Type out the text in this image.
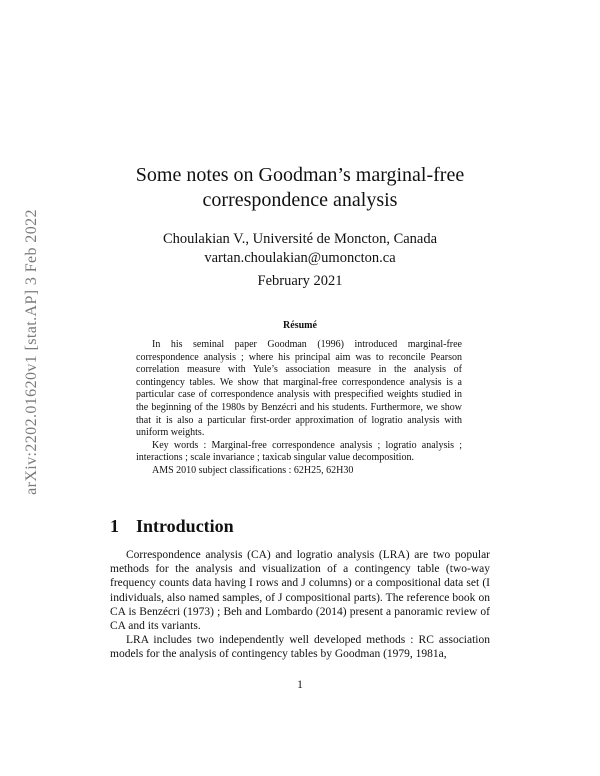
arXiv:2202.01620v1 [stat.AP] 3 Feb 2022
Some notes on Goodman’s marginal-free
correspondence analysis
Choulakian V., Université de Moncton, Canada
vartan.choulakian@umoncton.ca
February 2021
Résumé

In his seminal paper Goodman (1996) introduced marginal-free correspondence analysis ; where his principal aim was to reconcile Pearson correlation measure with Yule’s association measure in the analysis of contingency tables. We show that marginal-free correspondence analysis is a particular case of correspondence analysis with prespecified weights studied in the beginning of the 1980s by Benzécri and his students. Furthermore, we show that it is also a particular first-order approximation of logratio analysis with uniform weights.

Key words : Marginal-free correspondence analysis ; logratio analysis ; interactions ; scale invariance ; taxicab singular value decomposition.

AMS 2010 subject classifications : 62H25, 62H30

1 Introduction

Correspondence analysis (CA) and logratio analysis (LRA) are two popular methods for the analysis and visualization of a contingency table (two-way frequency counts data having I rows and J columns) or a compositional data set (I individuals, also named samples, of J compositional parts). The reference book on CA is Benzécri (1973) ; Beh and Lombardo (2014) present a panoramic review of CA and its variants.

LRA includes two independently well developed methods : RC association models for the analysis of contingency tables by Goodman (1979, 1981a,

1
